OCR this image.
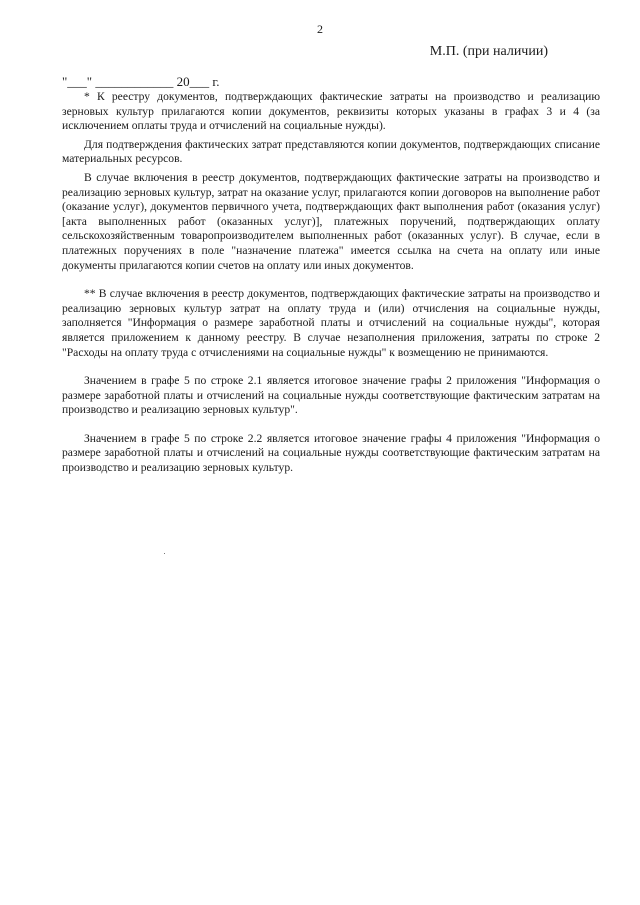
2
М.П. (при наличии)
"___" ____________ 20___ г.

* К реестру документов, подтверждающих фактические затраты на производство и реализацию зерновых культур прилагаются копии документов, реквизиты которых указаны в графах 3 и 4 (за исключением оплаты труда и отчислений на социальные нужды).

Для подтверждения фактических затрат представляются копии документов, подтверждающих списание материальных ресурсов.

В случае включения в реестр документов, подтверждающих фактические затраты на производство и реализацию зерновых культур, затрат на оказание услуг, прилагаются копии договоров на выполнение работ (оказание услуг), документов первичного учета, подтверждающих факт выполнения работ (оказания услуг) [акта выполненных работ (оказанных услуг)], платежных поручений, подтверждающих оплату сельскохозяйственным товаропроизводителем выполненных работ (оказанных услуг). В случае, если в платежных поручениях в поле "назначение платежа" имеется ссылка на счета на оплату или иные документы прилагаются копии счетов на оплату или иных документов.

** В случае включения в реестр документов, подтверждающих фактические затраты на производство и реализацию зерновых культур затрат на оплату труда и (или) отчисления на социальные нужды, заполняется "Информация о размере заработной платы и отчислений на социальные нужды", которая является приложением к данному реестру. В случае незаполнения приложения, затраты по строке 2 "Расходы на оплату труда с отчислениями на социальные нужды" к возмещению не принимаются.

Значением в графе 5 по строке 2.1 является итоговое значение графы 2 приложения "Информация о размере заработной платы и отчислений на социальные нужды соответствующие фактическим затратам на производство и реализацию зерновых культур".

Значением в графе 5 по строке 2.2 является итоговое значение графы 4 приложения "Информация о размере заработной платы и отчислений на социальные нужды соответствующие фактическим затратам на производство и реализацию зерновых культур.
